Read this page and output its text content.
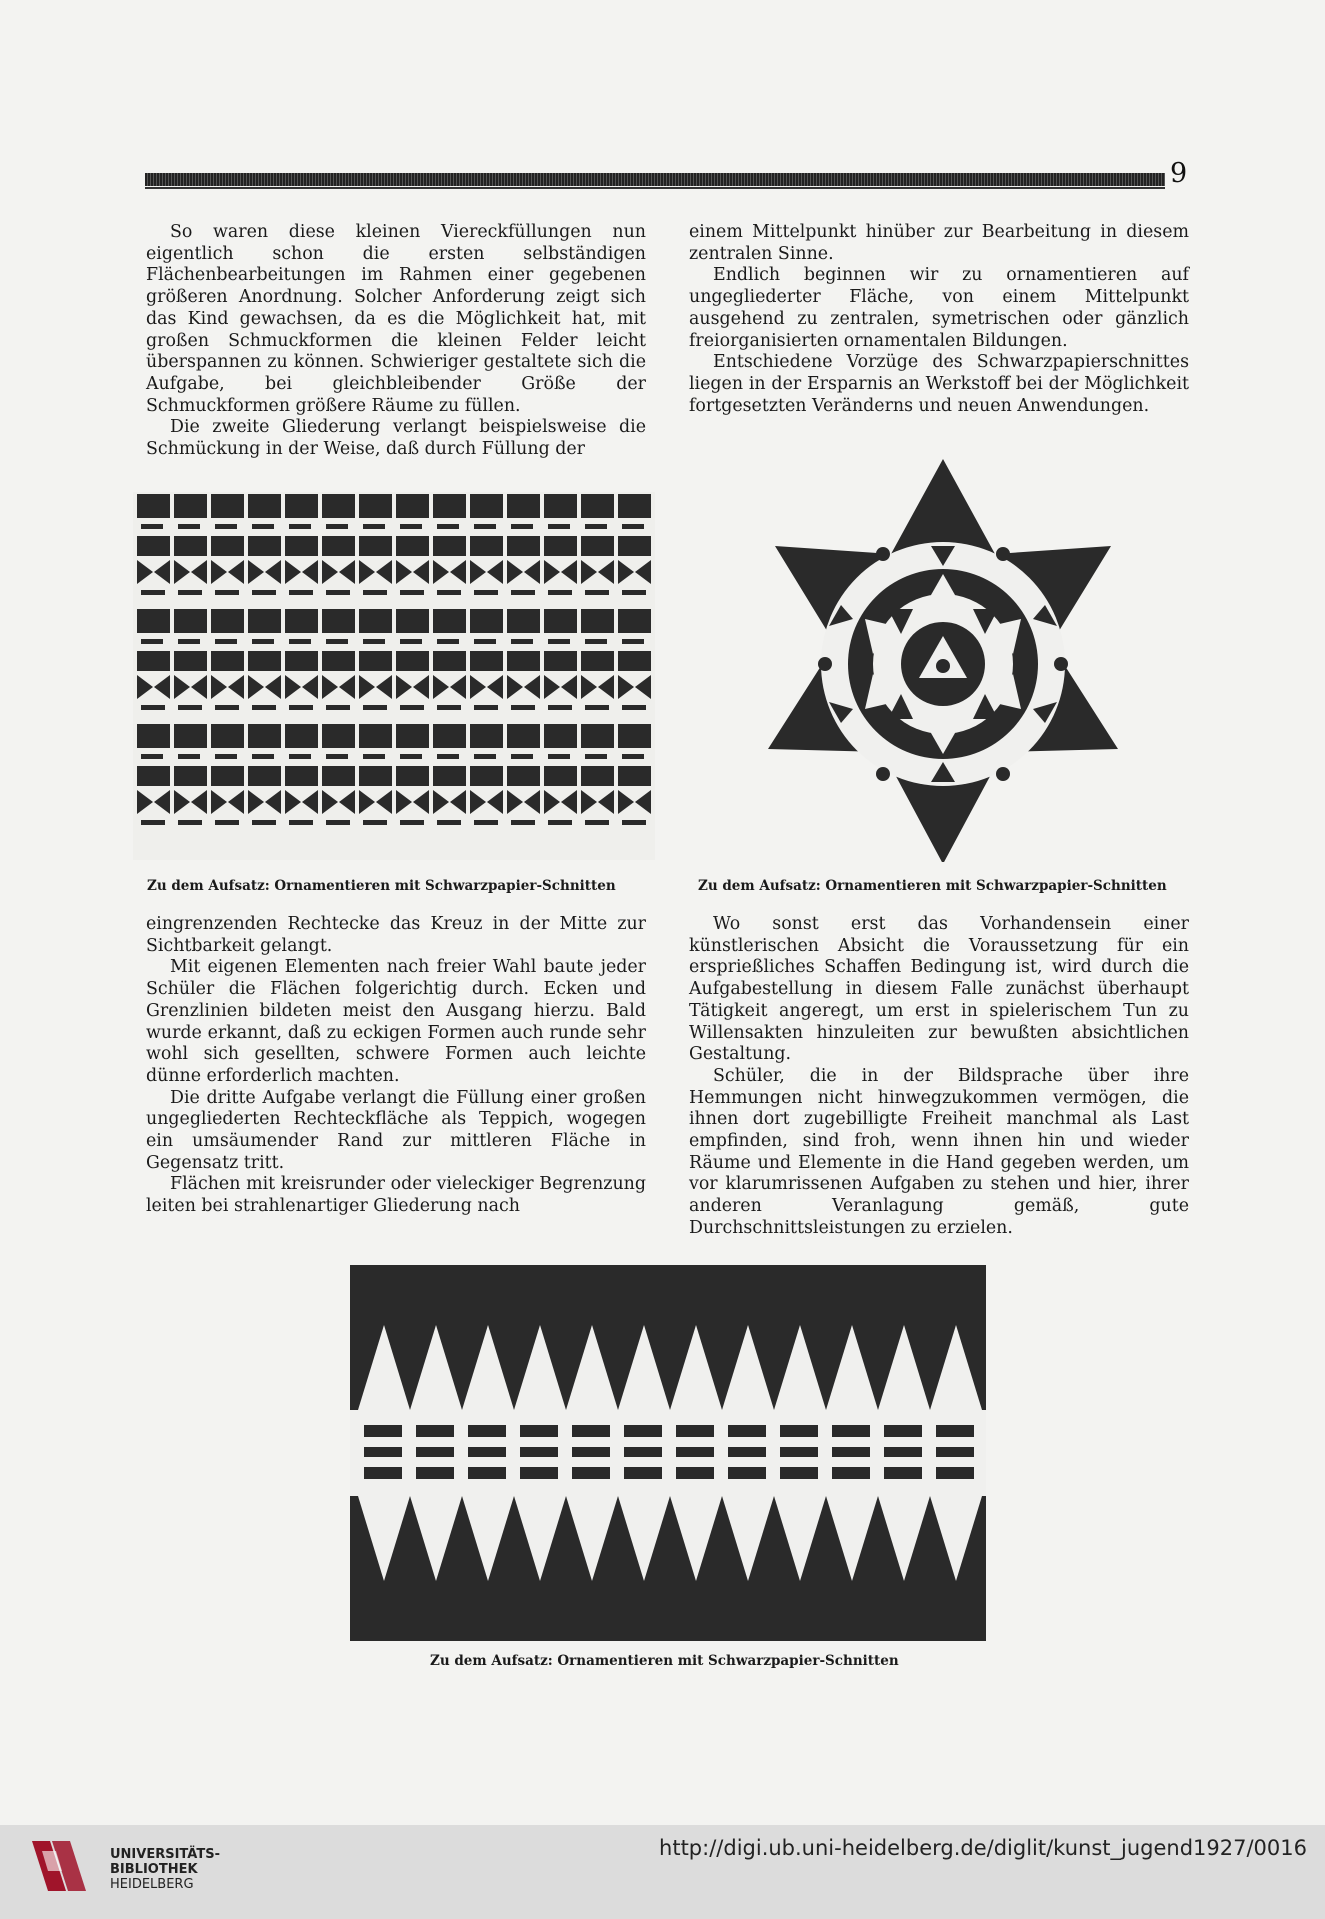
9

So waren diese kleinen Viereckfüllungen nun eigentlich schon die ersten selbständigen Flächenbearbeitungen im Rahmen einer gegebenen größeren Anordnung. Solcher Anforderung zeigt sich das Kind gewachsen, da es die Möglichkeit hat, mit großen Schmuckformen die kleinen Felder leicht überspannen zu können. Schwieriger gestaltete sich die Aufgabe, bei gleichbleibender Größe der Schmuckformen größere Räume zu füllen.

Die zweite Gliederung verlangt beispielsweise die Schmückung in der Weise, daß durch Füllung der

einem Mittelpunkt hinüber zur Bearbeitung in diesem zentralen Sinne.

Endlich beginnen wir zu ornamentieren auf ungegliederter Fläche, von einem Mittelpunkt ausgehend zu zentralen, symetrischen oder gänzlich freiorganisierten ornamentalen Bildungen.

Entschiedene Vorzüge des Schwarzpapierschnittes liegen in der Ersparnis an Werkstoff bei der Möglichkeit fortgesetzten Veränderns und neuen Anwendungen.

Zu dem Aufsatz: Ornamentieren mit Schwarzpapier-Schnitten	Zu dem Aufsatz: Ornamentieren mit Schwarzpapier-Schnitten

eingrenzenden Rechtecke das Kreuz in der Mitte zur Sichtbarkeit gelangt.

Mit eigenen Elementen nach freier Wahl baute jeder Schüler die Flächen folgerichtig durch. Ecken und Grenzlinien bildeten meist den Ausgang hierzu. Bald wurde erkannt, daß zu eckigen Formen auch runde sehr wohl sich gesellten, schwere Formen auch leichte dünne erforderlich machten.

Die dritte Aufgabe verlangt die Füllung einer großen ungegliederten Rechteckfläche als Teppich, wogegen ein umsäumender Rand zur mittleren Fläche in Gegensatz tritt.

Flächen mit kreisrunder oder vieleckiger Begrenzung leiten bei strahlenartiger Gliederung nach

Wo sonst erst das Vorhandensein einer künstlerischen Absicht die Voraussetzung für ein ersprießliches Schaffen Bedingung ist, wird durch die Aufgabestellung in diesem Falle zunächst überhaupt Tätigkeit angeregt, um erst in spielerischem Tun zu Willensakten hinzuleiten zur bewußten absichtlichen Gestaltung.

Schüler, die in der Bildsprache über ihre Hemmungen nicht hinwegzukommen vermögen, die ihnen dort zugebilligte Freiheit manchmal als Last empfinden, sind froh, wenn ihnen hin und wieder Räume und Elemente in die Hand gegeben werden, um vor klarumrissenen Aufgaben zu stehen und hier, ihrer anderen Veranlagung gemäß, gute Durchschnittsleistungen zu erzielen.

Zu dem Aufsatz: Ornamentieren mit Schwarzpapier-Schnitten
UNIVERSITÄTS-
BIBLIOTHEK
HEIDELBERG
http://digi.ub.uni-heidelberg.de/diglit/kunst_jugend1927/0016
